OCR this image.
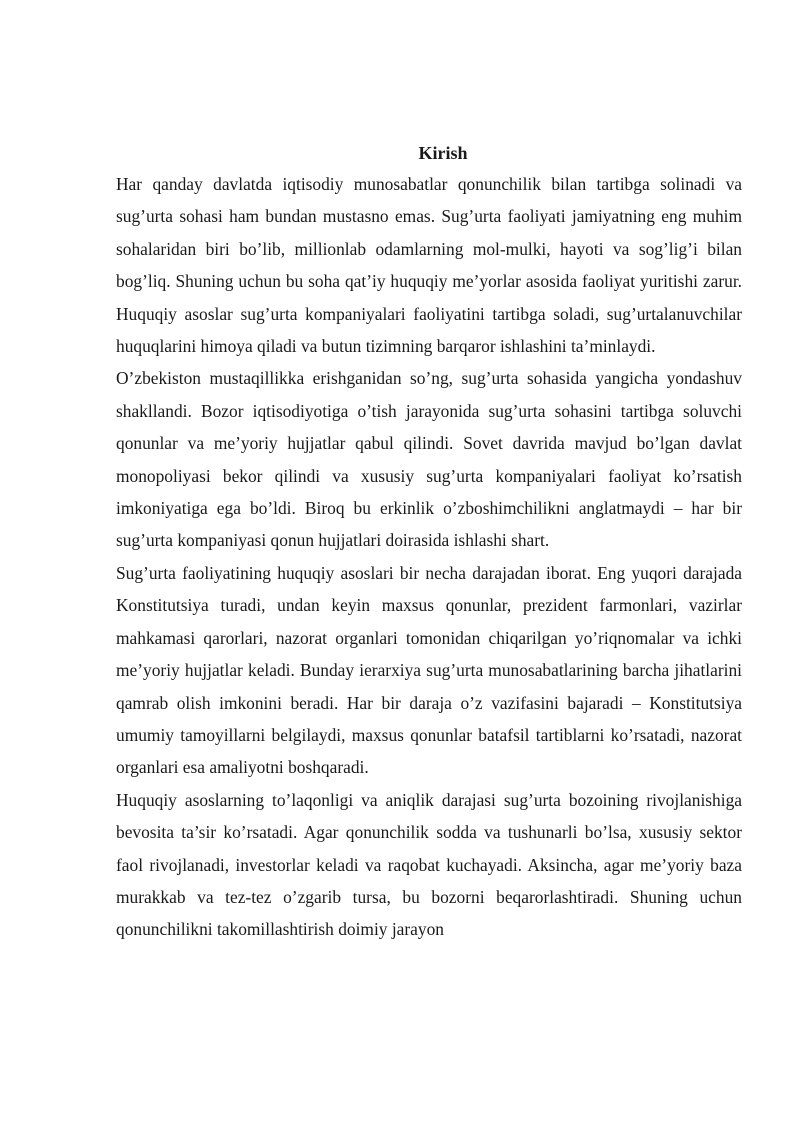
Kirish

Har qanday davlatda iqtisodiy munosabatlar qonunchilik bilan tartibga solinadi va sug’urta sohasi ham bundan mustasno emas. Sug’urta faoliyati jamiyatning eng muhim sohalaridan biri bo’lib, millionlab odamlarning mol-mulki, hayoti va sog’lig’i bilan bog’liq. Shuning uchun bu soha qat’iy huquqiy me’yorlar asosida faoliyat yuritishi zarur. Huquqiy asoslar sug’urta kompaniyalari faoliyatini tartibga soladi, sug’urtalanuvchilar huquqlarini himoya qiladi va butun tizimning barqaror ishlashini ta’minlaydi.

O’zbekiston mustaqillikka erishganidan so’ng, sug’urta sohasida yangicha yondashuv shakllandi. Bozor iqtisodiyotiga o’tish jarayonida sug’urta sohasini tartibga soluvchi qonunlar va me’yoriy hujjatlar qabul qilindi. Sovet davrida mavjud bo’lgan davlat monopoliyasi bekor qilindi va xususiy sug’urta kompaniyalari faoliyat ko’rsatish imkoniyatiga ega bo’ldi. Biroq bu erkinlik o’zboshimchilikni anglatmaydi – har bir sug’urta kompaniyasi qonun hujjatlari doirasida ishlashi shart.

Sug’urta faoliyatining huquqiy asoslari bir necha darajadan iborat. Eng yuqori darajada Konstitutsiya turadi, undan keyin maxsus qonunlar, prezident farmonlari, vazirlar mahkamasi qarorlari, nazorat organlari tomonidan chiqarilgan yo’riqnomalar va ichki me’yoriy hujjatlar keladi. Bunday ierarxiya sug’urta munosabatlarining barcha jihatlarini qamrab olish imkonini beradi. Har bir daraja o’z vazifasini bajaradi – Konstitutsiya umumiy tamoyillarni belgilaydi, maxsus qonunlar batafsil tartiblarni ko’rsatadi, nazorat organlari esa amaliyotni boshqaradi.

Huquqiy asoslarning to’laqonligi va aniqlik darajasi sug’urta bozoining rivojlanishiga bevosita ta’sir ko’rsatadi. Agar qonunchilik sodda va tushunarli bo’lsa, xususiy sektor faol rivojlanadi, investorlar keladi va raqobat kuchayadi. Aksincha, agar me’yoriy baza murakkab va tez-tez o’zgarib tursa, bu bozorni beqarorlashtiradi. Shuning uchun qonunchilikni takomillashtirish doimiy jarayon
